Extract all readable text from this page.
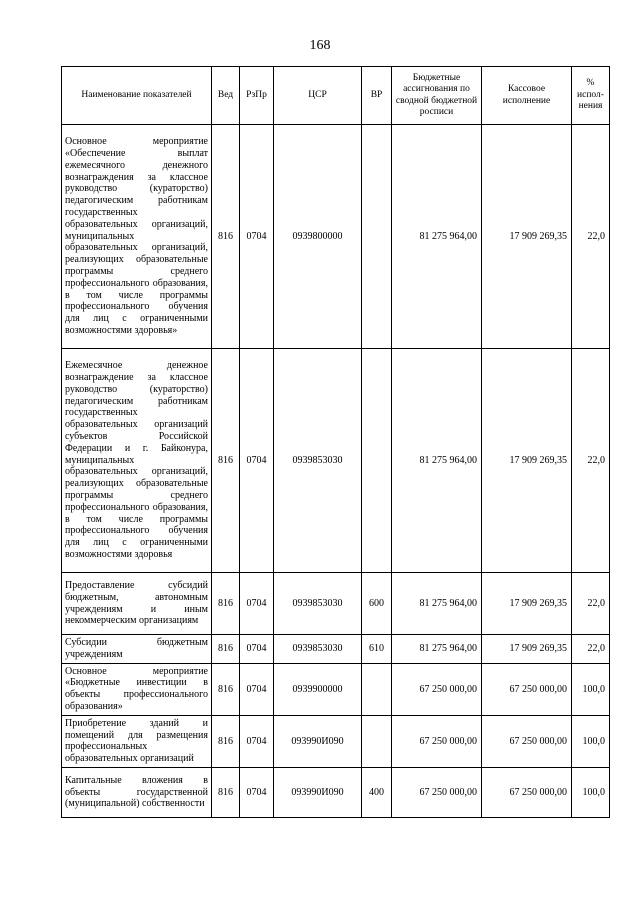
168
Наименование показателей	Вед	РзПр	ЦСР	ВР	Бюджетные ассигнования по сводной бюджетной росписи	Кассовое исполнение	% испол-нения
Основное мероприятие «Обеспечение выплат ежемесячного денежного вознаграждения за классное руководство (кураторство) педагогическим работникам государственных образовательных организаций, муниципальных образовательных организаций, реализующих образовательные программы среднего профессионального образования, в том числе программы профессионального обучения для лиц с ограниченными возможностями здоровья»	816	0704	0939800000		81 275 964,00	17 909 269,35	22,0
Ежемесячное денежное вознаграждение за классное руководство (кураторство) педагогическим работникам государственных образовательных организаций субъектов Российской Федерации и г. Байконура, муниципальных образовательных организаций, реализующих образовательные программы среднего профессионального образования, в том числе программы профессионального обучения для лиц с ограниченными возможностями здоровья	816	0704	0939853030		81 275 964,00	17 909 269,35	22,0
Предоставление субсидий бюджетным, автономным учреждениям и иным некоммерческим организациям	816	0704	0939853030	600	81 275 964,00	17 909 269,35	22,0
Субсидии бюджетным учреждениям	816	0704	0939853030	610	81 275 964,00	17 909 269,35	22,0
Основное мероприятие «Бюджетные инвестиции в объекты профессионального образования»	816	0704	0939900000		67 250 000,00	67 250 000,00	100,0
Приобретение зданий и помещений для размещения профессиональных образовательных организаций	816	0704	093990И090		67 250 000,00	67 250 000,00	100,0
Капитальные вложения в объекты государственной (муниципальной) собственности	816	0704	093990И090	400	67 250 000,00	67 250 000,00	100,0
